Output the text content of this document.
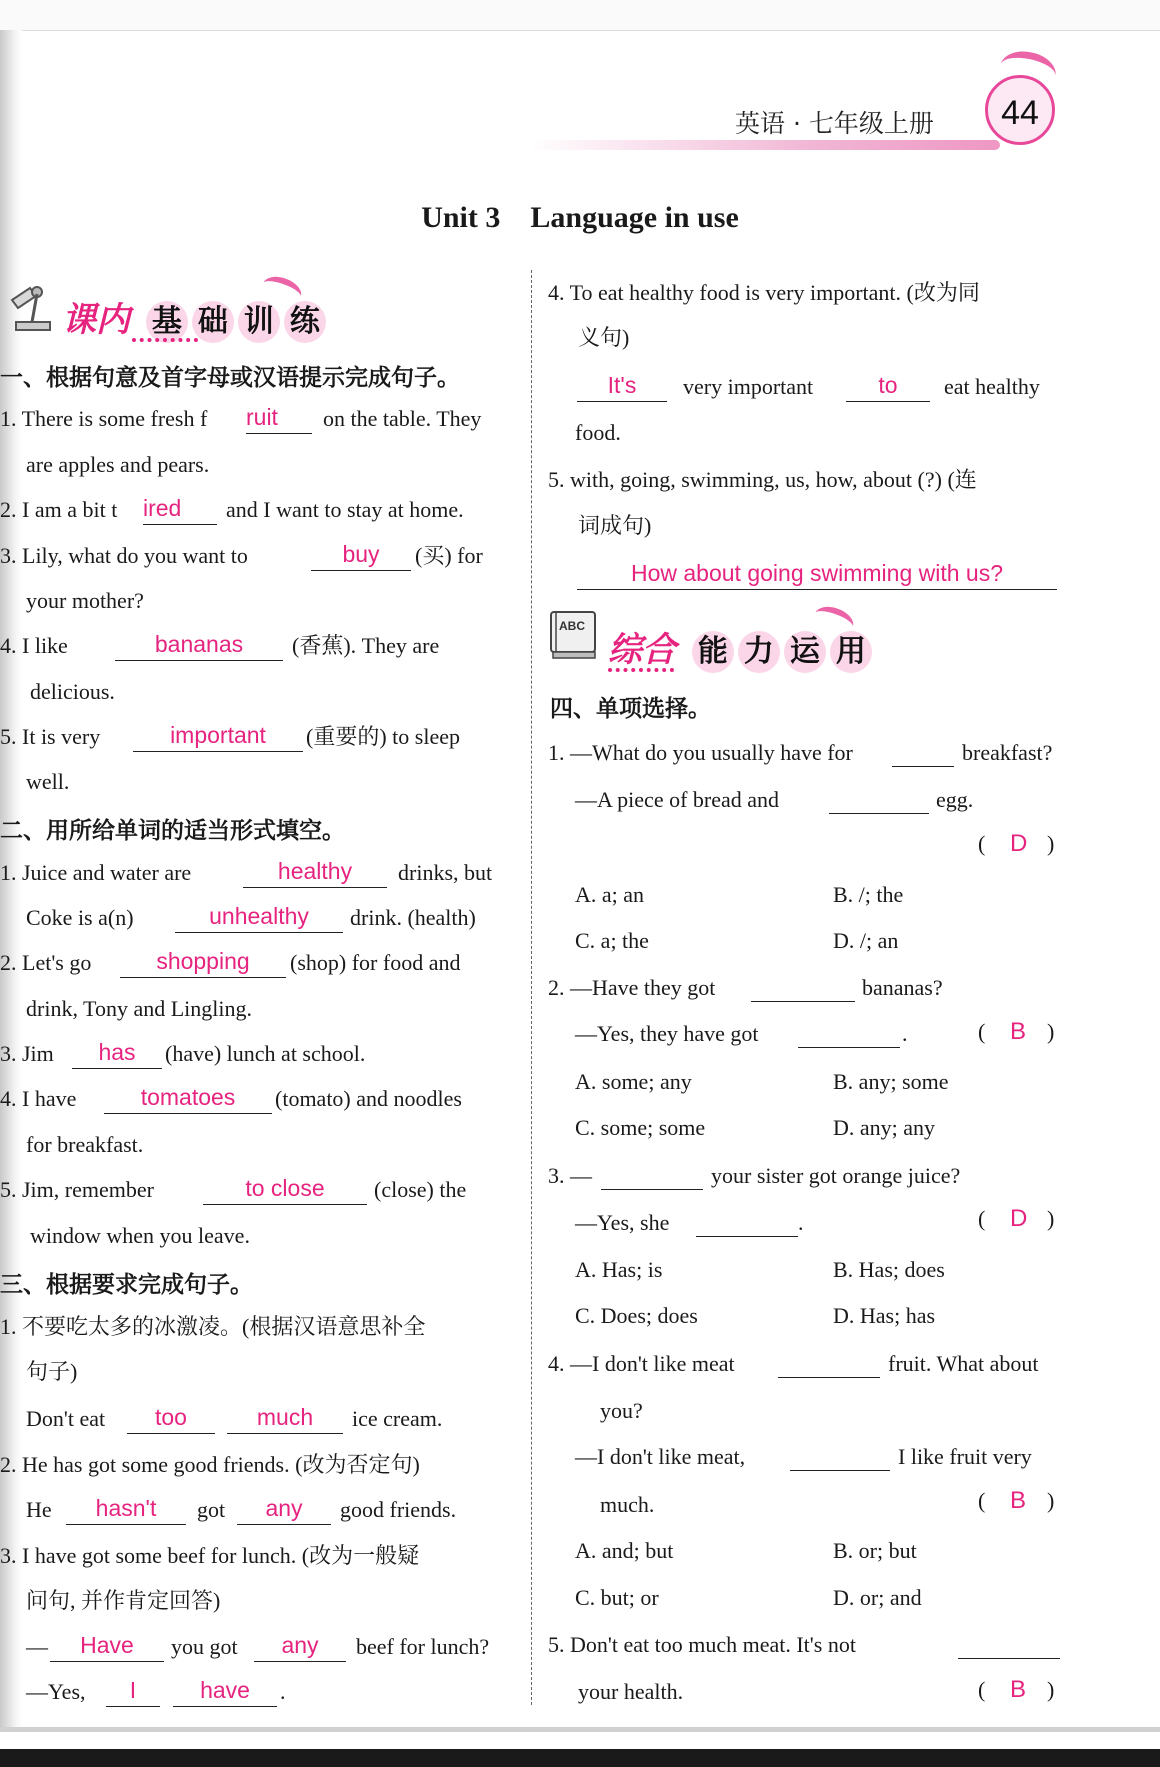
英语 · 七年级上册	44
Unit 3　Language in use
课内 基 础 训 练
一、根据句意及首字母或汉语提示完成句子。
1. There is some fresh f ruit	on the table. They
are apples and pears.
2. I am a bit t ired	and I want to stay at home.
3. Lily, what do you want to	buy	(买) for
your mother?
4. I like	bananas	(香蕉). They are
delicious.
5. It is very	important	(重要的) to sleep
well.
二、用所给单词的适当形式填空。
1. Juice and water are	healthy	drinks, but
Coke is a(n)	unhealthy	drink. (health)
2. Let's go	shopping	(shop) for food and
drink, Tony and Lingling.
3. Jim	has	(have) lunch at school.
4. I have	tomatoes	(tomato) and noodles
for breakfast.
5. Jim, remember	to close	(close) the
window when you leave.
三、根据要求完成句子。
1. 不要吃太多的冰激凌。(根据汉语意思补全
句子)
Don't eat	too	much	ice cream.
2. He has got some good friends. (改为否定句)
He	hasn't	got	any	good friends.
3. I have got some beef for lunch. (改为一般疑
问句, 并作肯定回答)
—	Have	you got	any	beef for lunch?
—Yes,	I	have	.
4. To eat healthy food is very important. (改为同
义句)
It's	very important	to	eat healthy
food.
5. with, going, swimming, us, how, about (?) (连
词成句)
How about going swimming with us?
ABC
综合 能 力 运 用
四、单项选择。
1. —What do you usually have for	breakfast?
—A piece of bread and	egg.
( D )
A. a; an	B. /; the
C. a; the	D. /; an
2. —Have they got	bananas?
—Yes, they have got	.	( B )
A. some; any	B. any; some
C. some; some	D. any; any
3. —	your sister got orange juice?
—Yes, she	.	( D )
A. Has; is	B. Has; does
C. Does; does	D. Has; has
4. —I don't like meat	fruit. What about
you?
—I don't like meat,	I like fruit very
much.	( B )
A. and; but	B. or; but
C. but; or	D. or; and
5. Don't eat too much meat. It's not
your health.	( B )
